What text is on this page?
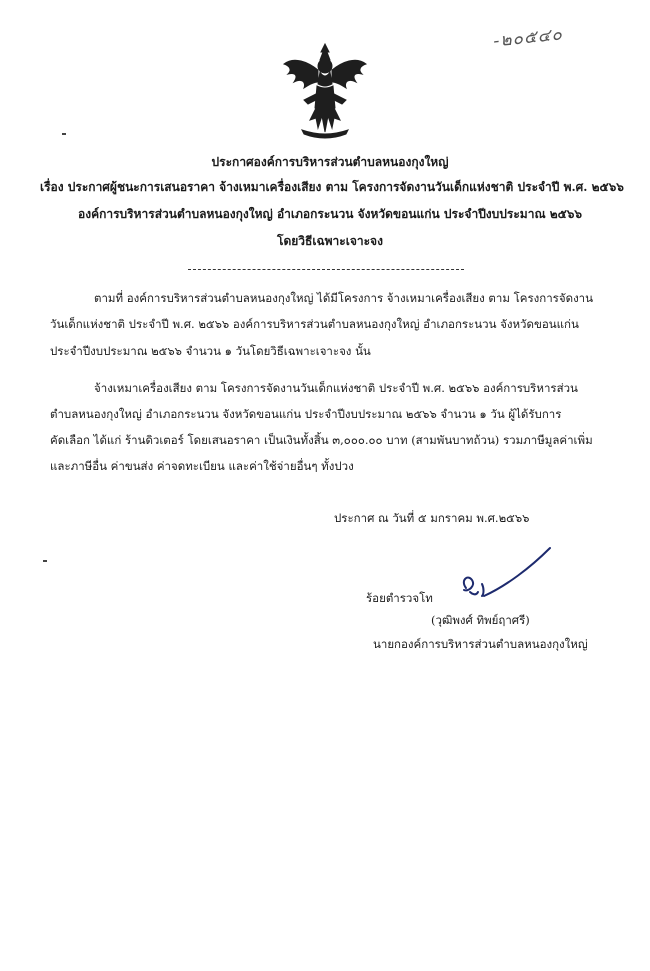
-๒๐๕๔๐
ประกาศองค์การบริหารส่วนตำบลหนองกุงใหญ่
เรื่อง ประกาศผู้ชนะการเสนอราคา จ้างเหมาเครื่องเสียง ตาม โครงการจัดงานวันเด็กแห่งชาติ ประจำปี พ.ศ. ๒๕๖๖
องค์การบริหารส่วนตำบลหนองกุงใหญ่ อำเภอกระนวน จังหวัดขอนแก่น ประจำปีงบประมาณ ๒๕๖๖
โดยวิธีเฉพาะเจาะจง
ตามที่ องค์การบริหารส่วนตำบลหนองกุงใหญ่ ได้มีโครงการ จ้างเหมาเครื่องเสียง ตาม โครงการจัดงาน
วันเด็กแห่งชาติ ประจำปี พ.ศ. ๒๕๖๖ องค์การบริหารส่วนตำบลหนองกุงใหญ่ อำเภอกระนวน จังหวัดขอนแก่น
ประจำปีงบประมาณ ๒๕๖๖ จำนวน ๑ วันโดยวิธีเฉพาะเจาะจง นั้น
จ้างเหมาเครื่องเสียง ตาม โครงการจัดงานวันเด็กแห่งชาติ ประจำปี พ.ศ. ๒๕๖๖ องค์การบริหารส่วน
ตำบลหนองกุงใหญ่ อำเภอกระนวน จังหวัดขอนแก่น ประจำปีงบประมาณ ๒๕๖๖ จำนวน ๑ วัน ผู้ได้รับการ
คัดเลือก ได้แก่ ร้านดิวเตอร์ โดยเสนอราคา เป็นเงินทั้งสิ้น ๓,๐๐๐.๐๐ บาท (สามพันบาทถ้วน) รวมภาษีมูลค่าเพิ่ม
และภาษีอื่น ค่าขนส่ง ค่าจดทะเบียน และค่าใช้จ่ายอื่นๆ ทั้งปวง
ประกาศ ณ วันที่ ๕ มกราคม พ.ศ.๒๕๖๖
ร้อยตำรวจโท
(วุฒิพงศ์ ทิพย์ฤาศรี)
นายกองค์การบริหารส่วนตำบลหนองกุงใหญ่
